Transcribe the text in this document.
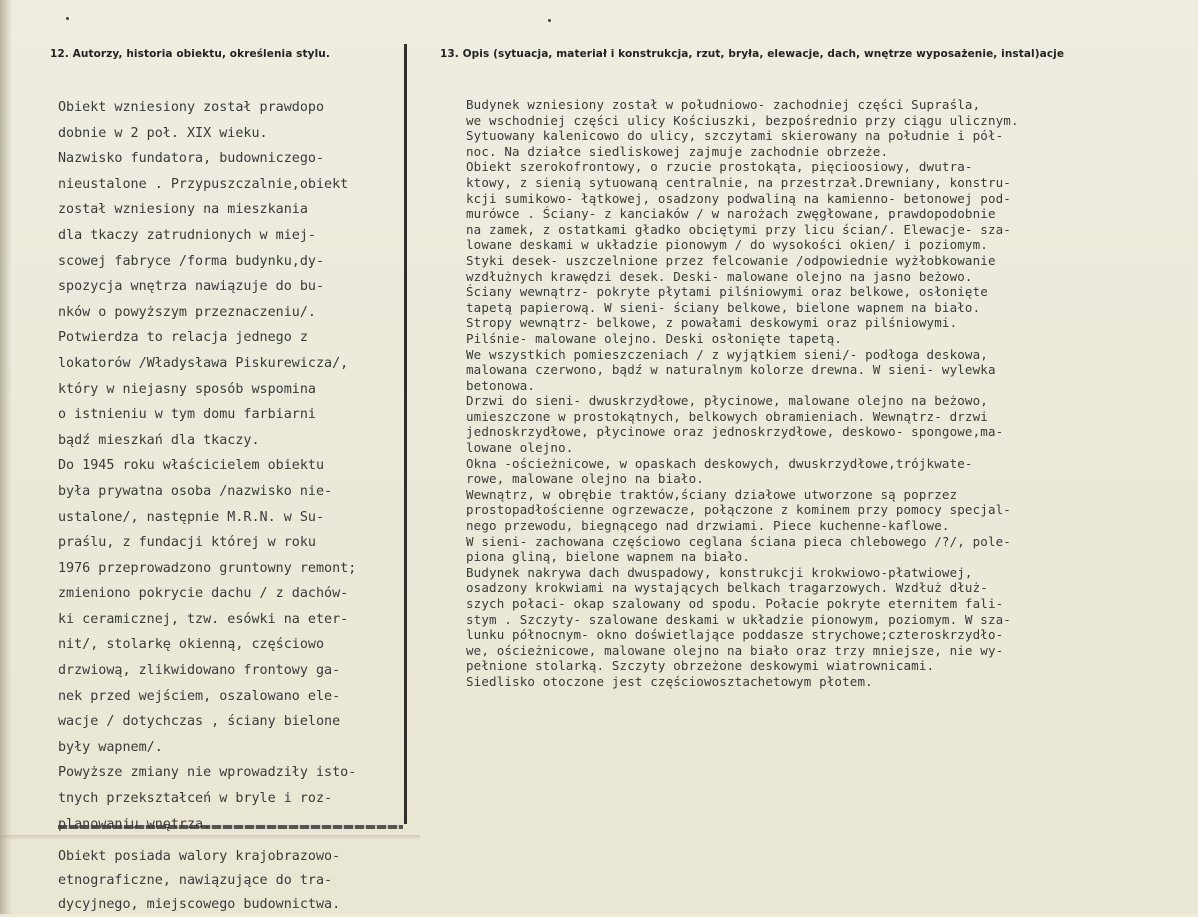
12. Autorzy, historia obiektu, określenia stylu.	13. Opis (sytuacja, materiał i konstrukcja, rzut, bryła, elewacje, dach, wnętrze wyposażenie, instal)acje
Obiekt wzniesiony został prawdopo
dobnie w 2 poł. XIX wieku.
Nazwisko fundatora, budowniczego-
nieustalone . Przypuszczalnie,obiekt
został wzniesiony na mieszkania
dla tkaczy zatrudnionych w miej-
scowej fabryce /forma budynku,dy-
spozycja wnętrza nawiązuje do bu-
nków o powyższym przeznaczeniu/.
Potwierdza to relacja jednego z
lokatorów /Władysława Piskurewicza/,
który w niejasny sposób wspomina
o istnieniu w tym domu farbiarni
bądź mieszkań dla tkaczy.
Do 1945 roku właścicielem obiektu
była prywatna osoba /nazwisko nie-
ustalone/, następnie M.R.N. w Su-
praślu, z fundacji której w roku
1976 przeprowadzono gruntowny remont;
zmieniono pokrycie dachu / z dachów-
ki ceramicznej, tzw. esówki na eter-
nit/, stolarkę okienną, częściowo
drzwiową, zlikwidowano frontowy ga-
nek przed wejściem, oszalowano ele-
wacje / dotychczas , ściany bielone
były wapnem/.
Powyższe zmiany nie wprowadziły isto-
tnych przekształceń w bryle i roz-
planowaniu wnętrza.
Obiekt posiada walory krajobrazowo-
etnograficzne, nawiązujące do tra-
dycyjnego, miejscowego budownictwa.
Budynek wzniesiony został w południowo- zachodniej części Supraśla,
we wschodniej części ulicy Kościuszki, bezpośrednio przy ciągu ulicznym.
Sytuowany kalenicowo do ulicy, szczytami skierowany na południe i pół-
noc. Na działce siedliskowej zajmuje zachodnie obrzeże.
Obiekt szerokofrontowy, o rzucie prostokąta, pięcioosiowy, dwutra-
ktowy, z sienią sytuowaną centralnie, na przestrzał.Drewniany, konstru-
kcji sumikowo- łątkowej, osadzony podwaliną na kamienno- betonowej pod-
murówce . Ściany- z kanciaków / w narożach zwęgłowane, prawdopodobnie
na zamek, z ostatkami gładko obciętymi przy licu ścian/. Elewacje- sza-
lowane deskami w układzie pionowym / do wysokości okien/ i poziomym.
Styki desek- uszczelnione przez felcowanie /odpowiednie wyżłobkowanie
wzdłużnych krawędzi desek. Deski- malowane olejno na jasno beżowo.
Ściany wewnątrz- pokryte płytami pilśniowymi oraz belkowe, osłonięte
tapetą papierową. W sieni- ściany belkowe, bielone wapnem na biało.
Stropy wewnątrz- belkowe, z powałami deskowymi oraz pilśniowymi.
Pilśnie- malowane olejno. Deski osłonięte tapetą.
We wszystkich pomieszczeniach / z wyjątkiem sieni/- podłoga deskowa,
malowana czerwono, bądź w naturalnym kolorze drewna. W sieni- wylewka
betonowa.
Drzwi do sieni- dwuskrzydłowe, płycinowe, malowane olejno na beżowo,
umieszczone w prostokątnych, belkowych obramieniach. Wewnątrz- drzwi
jednoskrzydłowe, płycinowe oraz jednoskrzydłowe, deskowo- spongowe,ma-
lowane olejno.
Okna -ościeżnicowe, w opaskach deskowych, dwuskrzydłowe,trójkwate-
rowe, malowane olejno na biało.
Wewnątrz, w obrębie traktów,ściany działowe utworzone są poprzez
prostopadłościenne ogrzewacze, połączone z kominem przy pomocy specjal-
nego przewodu, biegnącego nad drzwiami. Piece kuchenne-kaflowe.
W sieni- zachowana częściowo ceglana ściana pieca chlebowego /?/, pole-
piona gliną, bielone wapnem na biało.
Budynek nakrywa dach dwuspadowy, konstrukcji krokwiowo-płatwiowej,
osadzony krokwiami na wystających belkach tragarzowych. Wzdłuż dłuż-
szych połaci- okap szalowany od spodu. Połacie pokryte eternitem fali-
stym . Szczyty- szalowane deskami w układzie pionowym, poziomym. W sza-
lunku północnym- okno doświetlające poddasze strychowe;czteroskrzydło-
we, ościeżnicowe, malowane olejno na biało oraz trzy mniejsze, nie wy-
pełnione stolarką. Szczyty obrzeżone deskowymi wiatrownicami.
Siedlisko otoczone jest częściowosztachetowym płotem.
